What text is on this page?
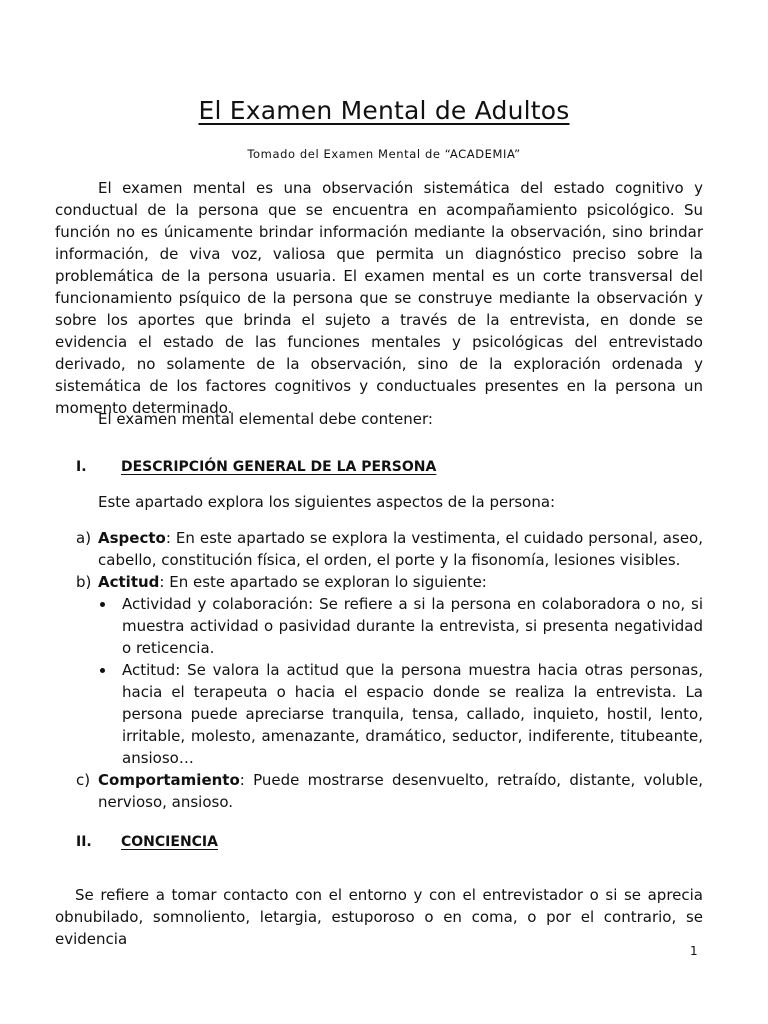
El Examen Mental de Adultos
Tomado del Examen Mental de “ACADEMIA”

El examen mental es una observación sistemática del estado cognitivo y conductual de la persona que se encuentra en acompañamiento psicológico. Su función no es únicamente brindar información mediante la observación, sino brindar información, de viva voz, valiosa que permita un diagnóstico preciso sobre la problemática de la persona usuaria. El examen mental es un corte transversal del funcionamiento psíquico de la persona que se construye mediante la observación y sobre los aportes que brinda el sujeto a través de la entrevista, en donde se evidencia el estado de las funciones mentales y psicológicas del entrevistado derivado, no solamente de la observación, sino de la exploración ordenada y sistemática de los factores cognitivos y conductuales presentes en la persona un momento determinado.

El examen mental elemental debe contener:
I. DESCRIPCIÓN GENERAL DE LA PERSONA
Este apartado explora los siguientes aspectos de la persona:
a) Aspecto: En este apartado se explora la vestimenta, el cuidado personal, aseo, cabello, constitución física, el orden, el porte y la fisonomía, lesiones visibles.
b) Actitud: En este apartado se exploran lo siguiente:
Actividad y colaboración: Se refiere a si la persona en colaboradora o no, si muestra actividad o pasividad durante la entrevista, si presenta negatividad o reticencia.
Actitud: Se valora la actitud que la persona muestra hacia otras personas, hacia el terapeuta o hacia el espacio donde se realiza la entrevista. La persona puede apreciarse tranquila, tensa, callado, inquieto, hostil, lento, irritable, molesto, amenazante, dramático, seductor, indiferente, titubeante, ansioso…
c) Comportamiento: Puede mostrarse desenvuelto, retraído, distante, voluble, nervioso, ansioso.
II. CONCIENCIA

Se refiere a tomar contacto con el entorno y con el entrevistador o si se aprecia obnubilado, somnoliento, letargia, estuporoso o en coma, o por el contrario, se evidencia

1
